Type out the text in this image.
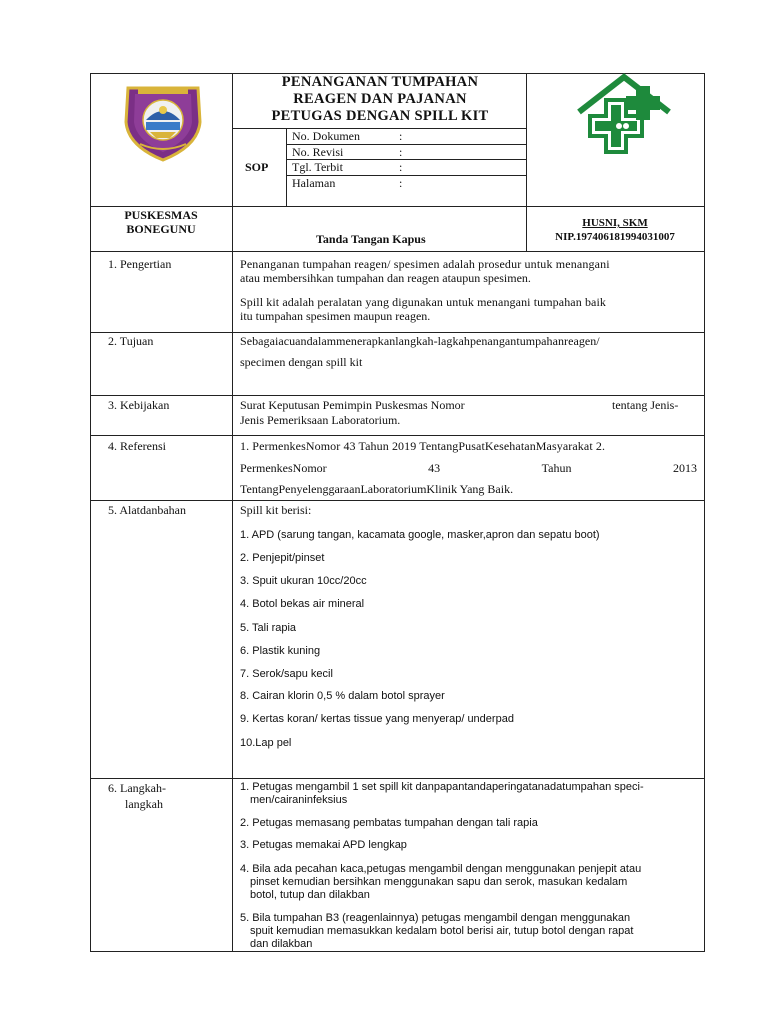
PENANGANAN TUMPAHAN
REAGEN DAN PAJANAN
PETUGAS DENGAN SPILL KIT
SOP
No. Dokumen	:
No. Revisi	:
Tgl. Terbit	:
Halaman	:
PUSKESMAS
BONEGUNU
Tanda Tangan Kapus
HUSNI, SKM
NIP.197406181994031007
1. Pengertian	Penanganan tumpahan reagen/ spesimen adalah prosedur untuk menangani
atau membersihkan tumpahan dan reagen ataupun spesimen.
Spill kit adalah peralatan yang digunakan untuk menangani tumpahan baik
itu tumpahan spesimen maupun reagen.
2. Tujuan	Sebagaiacuandalammenerapkanlangkah-lagkahpenangantumpahanreagen/
specimen dengan spill kit
3. Kebijakan	Surat Keputusan Pemimpin Puskesmas Nomor	tentang Jenis-
Jenis Pemeriksaan Laboratorium.
4. Referensi	1. PermenkesNomor 43 Tahun 2019 TentangPusatKesehatanMasyarakat 2.
PermenkesNomor	43	Tahun	2013
TentangPenyelenggaraanLaboratoriumKlinik Yang Baik.
5. Alatdanbahan	Spill kit berisi:
1. APD (sarung tangan, kacamata google, masker,apron dan sepatu boot)
2. Penjepit/pinset
3. Spuit ukuran 10cc/20cc
4. Botol bekas air mineral
5. Tali rapia
6. Plastik kuning
7. Serok/sapu kecil
8. Cairan klorin 0,5 % dalam botol sprayer
9. Kertas koran/ kertas tissue yang menyerap/ underpad
10.Lap pel
6. Langkah-
langkah
1. Petugas mengambil 1 set spill kit danpapantandaperingatanadatumpahan speci-
men/cairaninfeksius
2. Petugas memasang pembatas tumpahan dengan tali rapia
3. Petugas memakai APD lengkap
4. Bila ada pecahan kaca,petugas mengambil dengan menggunakan penjepit atau
pinset kemudian bersihkan menggunakan sapu dan serok, masukan kedalam
botol, tutup dan dilakban
5. Bila tumpahan B3 (reagenlainnya) petugas mengambil dengan menggunakan
spuit kemudian memasukkan kedalam botol berisi air, tutup botol dengan rapat
dan dilakban
